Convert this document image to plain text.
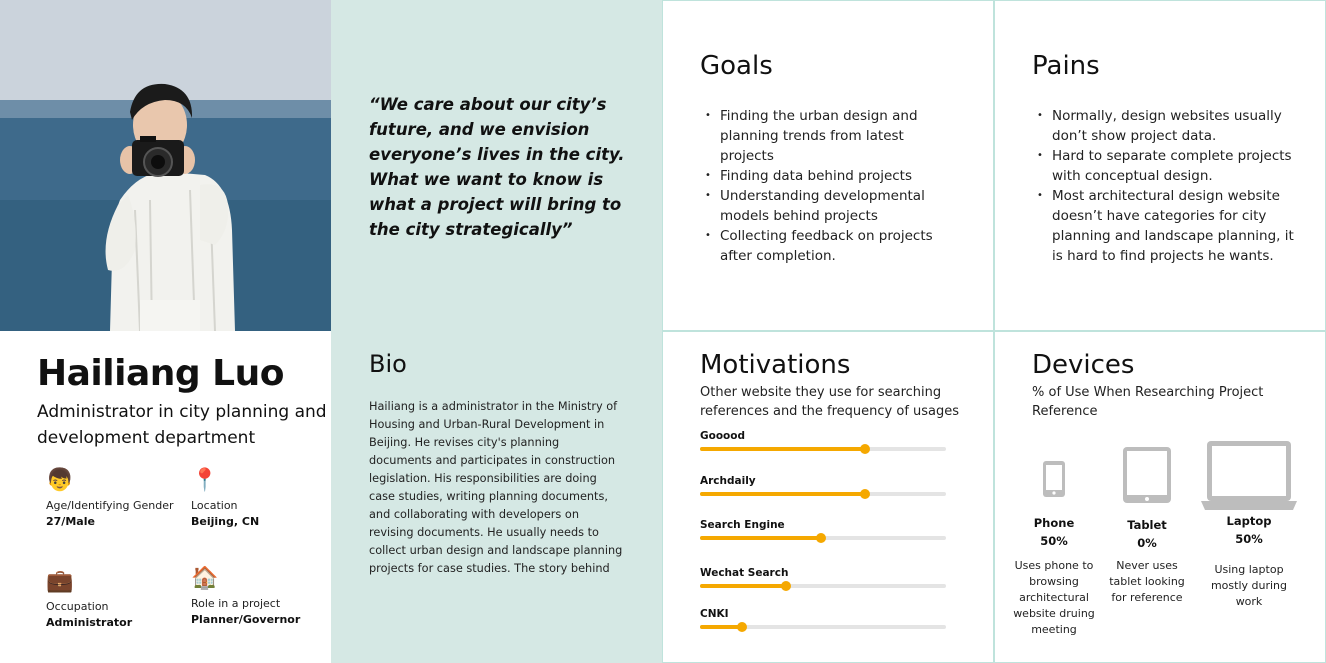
Hailiang Luo
Administrator in city planning and development department
👦
Age/Identifying Gender
27/Male
📍
Location
Beijing, CN
💼
Occupation
Administrator
🏠
Role in a project
Planner/Governor
“We care about our city’s future, and we envision everyone’s lives in the city. What we want to know is what a project will bring to the city strategically”
Bio
Hailiang is a administrator in the Ministry of Housing and Urban-Rural Development in Beijing. He revises city's planning documents and participates in construction legislation. His responsibilities are doing case studies, writing planning documents, and collaborating with developers on revising documents. He usually needs to collect urban design and landscape planning projects for case studies. The story behind
Goals
• Finding the urban design and planning trends from latest projects
• Finding data behind projects
• Understanding developmental models behind projects
• Collecting feedback on projects after completion.
Pains
• Normally, design websites usually don’t show project data.
• Hard to separate complete projects with conceptual design.
• Most architectural design website doesn’t have categories for city planning and landscape planning, it is hard to find projects he wants.
Motivations
Other website they use for searching references and the frequency of usages
Gooood
Archdaily
Search Engine
Wechat Search
CNKI
Devices
% of Use When Researching Project Reference
Phone
50%
Uses phone to browsing architectural website druing meeting
Tablet
0%
Never uses tablet looking for reference
Laptop
50%
Using laptop mostly during work
